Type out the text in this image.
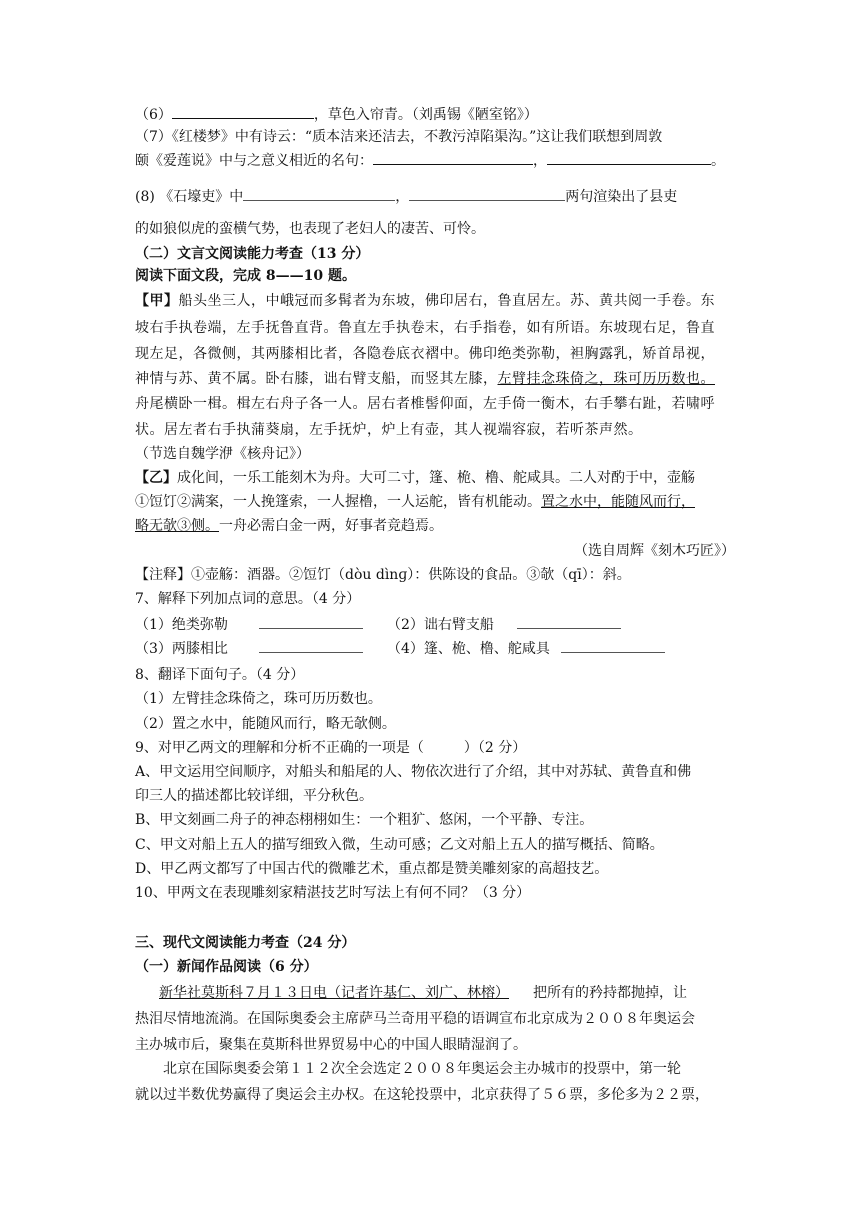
（6）	，草色入帘青。（刘禹锡《陋室铭》）
（7）《红楼梦》中有诗云：“质本洁来还洁去，不教污淖陷渠沟。”这让我们联想到周敦
颐《爱莲说》中与之意义相近的名句：	，	。
(8) 《石壕吏》中	，	两句渲染出了县吏
的如狼似虎的蛮横气势，也表现了老妇人的凄苦、可怜。
（二）文言文阅读能力考查（13 分）
阅读下面文段，完成 8——10 题。
【甲】船头坐三人，中峨冠而多髯者为东坡，佛印居右，鲁直居左。苏、黄共阅一手卷。东
坡右手执卷端，左手抚鲁直背。鲁直左手执卷末，右手指卷，如有所语。东坡现右足，鲁直
现左足，各微侧，其两膝相比者，各隐卷底衣褶中。佛印绝类弥勒，袒胸露乳，矫首昂视，
神情与苏、黄不属。卧右膝，诎右臂支船，而竖其左膝，左臂挂念珠倚之，珠可历历数也。
舟尾横卧一楫。楫左右舟子各一人。居右者椎髻仰面，左手倚一衡木，右手攀右趾，若啸呼
状。居左者右手执蒲葵扇，左手抚炉，炉上有壶，其人视端容寂，若听茶声然。
（节选自魏学洢《核舟记》）
【乙】成化间，一乐工能刻木为舟。大可二寸，篷、桅、橹、舵咸具。二人对酌于中，壶觞
①饾饤②满案，一人挽篷索，一人握橹，一人运舵，皆有机能动。置之水中，能随风而行，
略无欹③侧。一舟必需白金一两，好事者竞趋焉。
（选自周辉《刻木巧匠》）
【注释】①壶觞：酒器。②饾饤（dòu dìnɡ）：供陈设的食品。③欹（qī）：斜。
7、解释下列加点词的意思。（4 分）
（1）绝类弥勒	（2）诎右臂支船
（3）两膝相比	（4）篷、桅、橹、舵咸具
8、翻译下面句子。（4 分）
（1）左臂挂念珠倚之，珠可历历数也。
（2）置之水中，能随风而行，略无欹侧。
9、对甲乙两文的理解和分析不正确的一项是（	）（2 分）
A、甲文运用空间顺序，对船头和船尾的人、物依次进行了介绍，其中对苏轼、黄鲁直和佛
印三人的描述都比较详细，平分秋色。
B、甲文刻画二舟子的神态栩栩如生：一个粗犷、悠闲，一个平静、专注。
C、甲文对船上五人的描写细致入微，生动可感；乙文对船上五人的描写概括、简略。
D、甲乙两文都写了中国古代的微雕艺术，重点都是赞美雕刻家的高超技艺。
10、甲两文在表现雕刻家精湛技艺时写法上有何不同？（3 分）
三、现代文阅读能力考查（24 分）
（一）新闻作品阅读（6 分）
新华社莫斯科７月１３日电（记者许基仁、刘广、林榕） 把所有的矜持都抛掉，让
热泪尽情地流淌。在国际奥委会主席萨马兰奇用平稳的语调宣布北京成为２００８年奥运会
主办城市后，聚集在莫斯科世界贸易中心的中国人眼睛湿润了。
北京在国际奥委会第１１２次全会选定２００８年奥运会主办城市的投票中，第一轮
就以过半数优势赢得了奥运会主办权。在这轮投票中，北京获得了５６票，多伦多为２２票，
